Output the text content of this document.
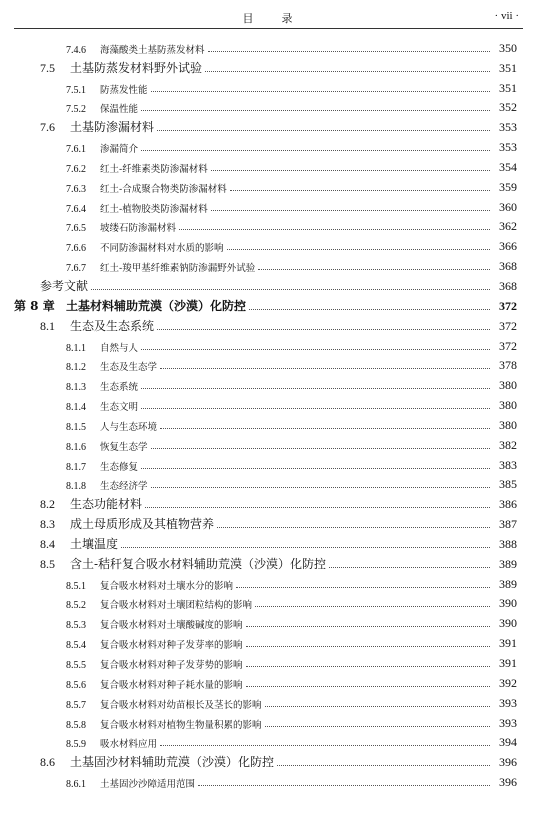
目　　录	· vii ·
7.4.6	海藻酸类土基防蒸发材料	350
7.5	土基防蒸发材料野外试验	351
7.5.1	防蒸发性能	351
7.5.2	保温性能	352
7.6	土基防渗漏材料	353
7.6.1	渗漏简介	353
7.6.2	红土-纤维素类防渗漏材料	354
7.6.3	红土-合成聚合物类防渗漏材料	359
7.6.4	红土-植物胶类防渗漏材料	360
7.6.5	坡缕石防渗漏材料	362
7.6.6	不同防渗漏材料对水质的影响	366
7.6.7	红土-羧甲基纤维素钠防渗漏野外试验	368
参考文献	368
第 8 章 土基材料辅助荒漠（沙漠）化防控	372
8.1	生态及生态系统	372
8.1.1	自然与人	372
8.1.2	生态及生态学	378
8.1.3	生态系统	380
8.1.4	生态文明	380
8.1.5	人与生态环境	380
8.1.6	恢复生态学	382
8.1.7	生态修复	383
8.1.8	生态经济学	385
8.2	生态功能材料	386
8.3	成土母质形成及其植物营养	387
8.4	土壤温度	388
8.5	含土-秸秆复合吸水材料辅助荒漠（沙漠）化防控	389
8.5.1	复合吸水材料对土壤水分的影响	389
8.5.2	复合吸水材料对土壤团粒结构的影响	390
8.5.3	复合吸水材料对土壤酸碱度的影响	390
8.5.4	复合吸水材料对种子发芽率的影响	391
8.5.5	复合吸水材料对种子发芽势的影响	391
8.5.6	复合吸水材料对种子耗水量的影响	392
8.5.7	复合吸水材料对幼苗根长及茎长的影响	393
8.5.8	复合吸水材料对植物生物量积累的影响	393
8.5.9	吸水材料应用	394
8.6	土基固沙材料辅助荒漠（沙漠）化防控	396
8.6.1	土基固沙沙障适用范围	396
